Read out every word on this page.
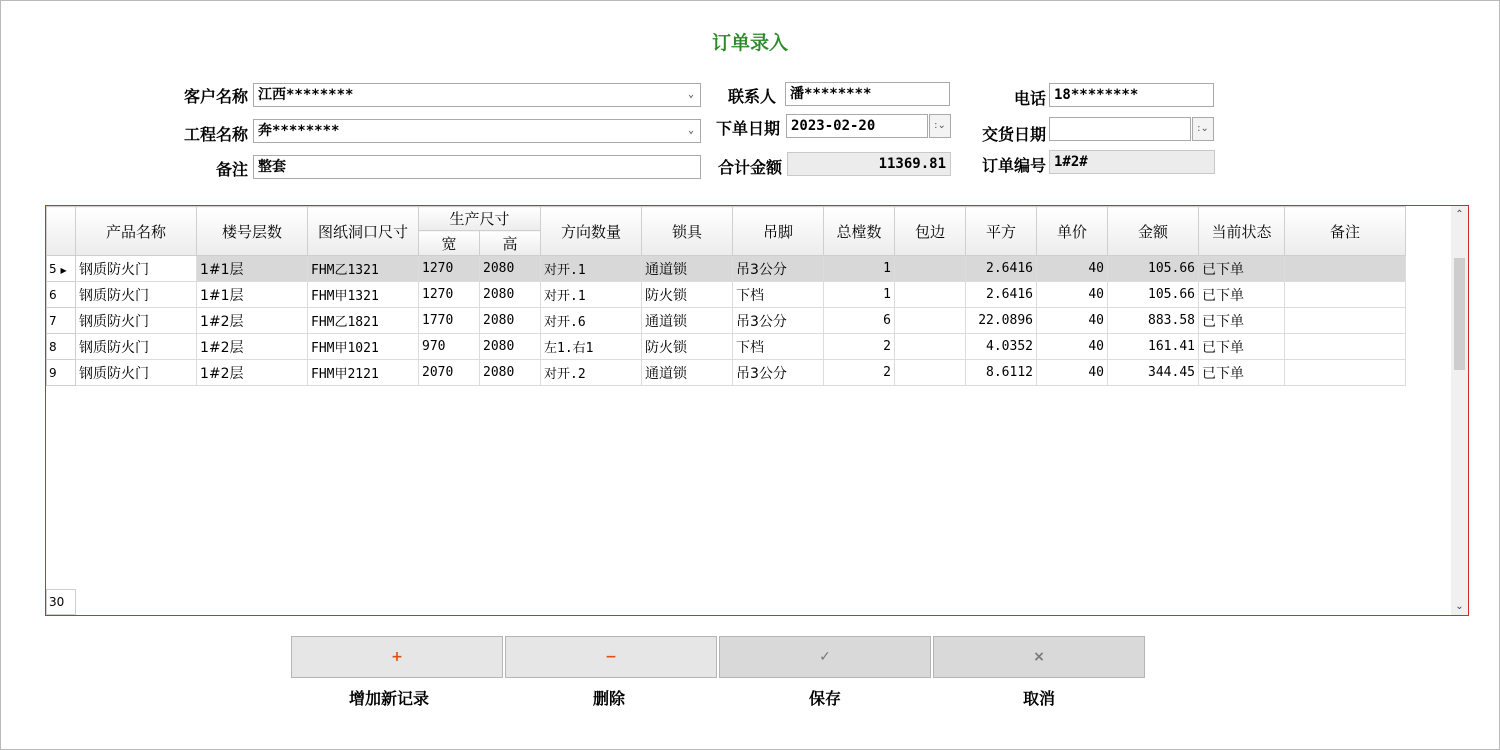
订单录入
客户名称 江西********	⌄	联系人	潘********	电话 18********
工程名称 奔********	⌄	下单日期 2023-02-20	:⌄	交货日期	:⌄
备注 整套	合计金额	11369.81	订单编号 1#2#
	产品名称	楼号层数	图纸洞口尺寸	生产尺寸		方向数量	锁具	吊脚	总樘数	包边	平方	单价	金额	当前状态	备注
				宽	高										
5 ▶	钢质防火门	1#1层	FHM乙1321	1270	2080	对开.1	通道锁	吊3公分	1		2.6416	40	105.66	已下单	
6	钢质防火门	1#1层	FHM甲1321	1270	2080	对开.1	防火锁	下档	1		2.6416	40	105.66	已下单	
7	钢质防火门	1#2层	FHM乙1821	1770	2080	对开.6	通道锁	吊3公分	6		22.0896	40	883.58	已下单	
8	钢质防火门	1#2层	FHM甲1021	970	2080	左1.右1	防火锁	下档	2		4.0352	40	161.41	已下单	
9	钢质防火门	1#2层	FHM甲2121	2070	2080	对开.2	通道锁	吊3公分	2		8.6112	40	344.45	已下单	
⌃
⌄
30
+	−	✓	×
增加新记录	删除	保存	取消
